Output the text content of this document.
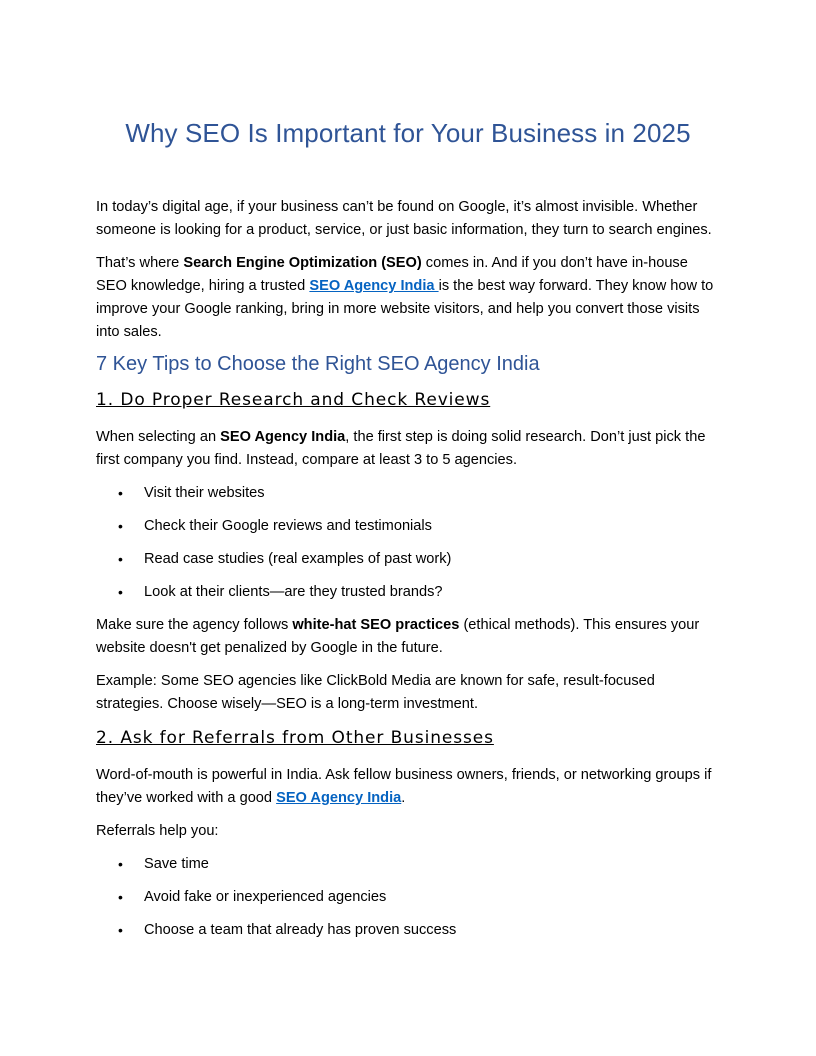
Why SEO Is Important for Your Business in 2025

In today’s digital age, if your business can’t be found on Google, it’s almost invisible. Whether someone is looking for a product, service, or just basic information, they turn to search engines.

That’s where Search Engine Optimization (SEO) comes in. And if you don’t have in-house SEO knowledge, hiring a trusted SEO Agency India is the best way forward. They know how to improve your Google ranking, bring in more website visitors, and help you convert those visits into sales.

7 Key Tips to Choose the Right SEO Agency India
1. Do Proper Research and Check Reviews

When selecting an SEO Agency India, the first step is doing solid research. Don’t just pick the first company you find. Instead, compare at least 3 to 5 agencies.

• Visit their websites
• Check their Google reviews and testimonials
• Read case studies (real examples of past work)
• Look at their clients—are they trusted brands?

Make sure the agency follows white-hat SEO practices (ethical methods). This ensures your website doesn't get penalized by Google in the future.

Example: Some SEO agencies like ClickBold Media are known for safe, result-focused strategies. Choose wisely—SEO is a long-term investment.

2. Ask for Referrals from Other Businesses

Word-of-mouth is powerful in India. Ask fellow business owners, friends, or networking groups if they’ve worked with a good SEO Agency India.

Referrals help you:

• Save time
• Avoid fake or inexperienced agencies
• Choose a team that already has proven success
